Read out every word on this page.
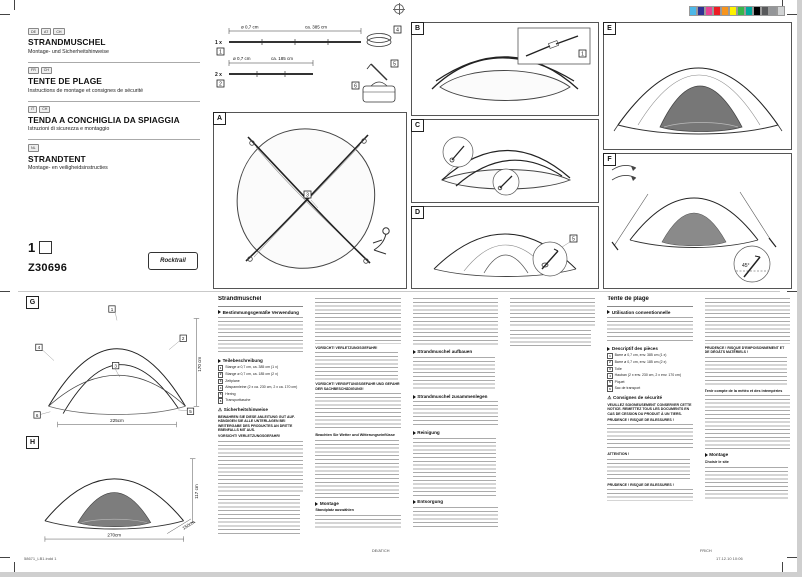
DE	AT	CH
STRANDMUSCHEL
Montage- und Sicherheitshinweise
FR	CH
TENTE DE PLAGE
Instructions de montage et consignes de sécurité
IT	CH
TENDA A CONCHIGLIA DA SPIAGGIA
Istruzioni di sicurezza e montaggio
NL
STRANDTENT
Montage- en veiligheidsinstructies
1
Z30696
Rocktrail
1 x
ø 0,7 cm	ca. 385 cm
2 x
ø 0,7 cm	ca. 185 cm
1
2
4
5
6
A
3
B
1
C
D
5
E
F
45°
G
1
2
3
4
5
6
225cm
170 cm
H
270cm
117 cm
150cm
Strandmuschel
Bestimmungsgemäße Verwendung
Teilebeschreibung
1	Stange ø 0,7 cm, ca. 385 cm (1 x)
2	Stange ø 0,7 cm, ca. 185 cm (2 x)
3	Zeltplane
4	Abspannleine (2 x ca. 230 cm, 2 x ca. 170 cm)
5	Hering
6	Transporttasche
⚠ Sicherheitshinweise
BEWAHREN SIE DIESE ANLEITUNG GUT AUF. HÄNDIGEN SIE ALLE UNTERLAGEN BEI WEITERGABE DES PRODUKTES AN DRITTE EBENFALLS MIT AUS.
VORSICHT! VERLETZUNGSGEFAHR!
VORSICHT! VERLETZUNGSGEFAHR!
VORSICHT! VERGIFTUNGSGEFAHR UND GEFAHR DER SACHBESCHÄDIGUNG!
Beachten Sie Wetter und Witterungseinflüsse
Montage
Standplatz auswählen
Strandmuschel aufbauen
Strandmuschel zusammenlegen
Reinigung
Entsorgung
Tente de plage
Utilisation conventionnelle
Descriptif des pièces
1	Barre ø 0,7 cm, env. 385 cm (1 x)
2	Barre ø 0,7 cm, env. 185 cm (2 x)
3	Toile
4	Hauban (2 x env. 230 cm, 2 x env. 170 cm)
5	Piquet
6	Sac de transport
⚠ Consignes de sécurité
VEUILLEZ SOIGNEUSEMENT CONSERVER CETTE NOTICE. REMETTEZ TOUS LES DOCUMENTS EN CAS DE CESSION DU PRODUIT À UN TIERS.
PRUDENCE ! RISQUE DE BLESSURES !
ATTENTION !
PRUDENCE ! RISQUE DE BLESSURES !
PRUDENCE ! RISQUE D'EMPOISONNEMENT ET DE DÉGÂTS MATÉRIELS !
Tenir compte de la météo et des intempéries
Montage
Choisir le site
DE/AT/CH	FR/CH
58671_LB1.indd 1	17.12.10 10:06
